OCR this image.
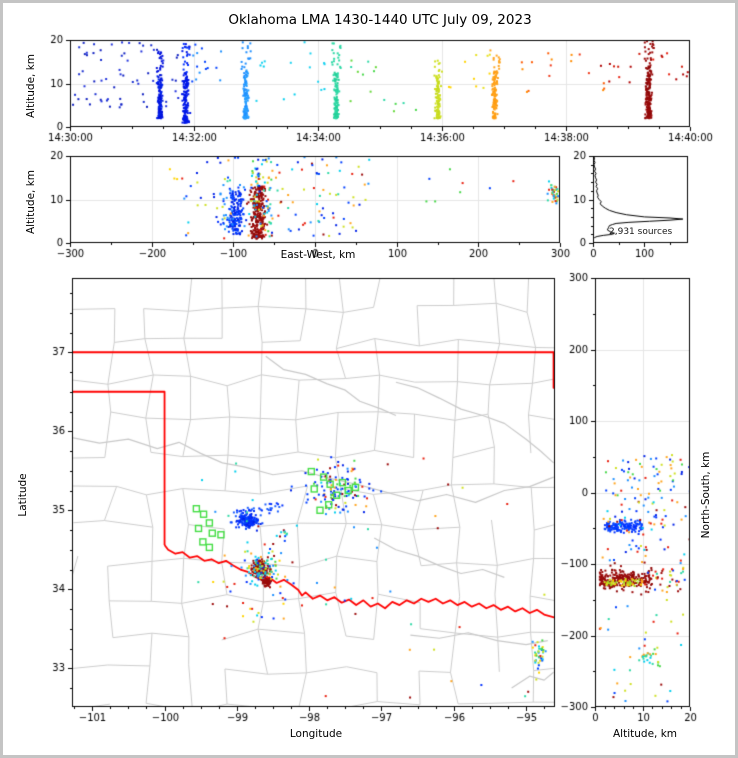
Oklahoma LMA 1430-1440 UTC July 09, 2023
Altitude, km
Altitude, km
East-West, km
Latitude
Longitude	Altitude, km
North-South, km
2,931 sources
